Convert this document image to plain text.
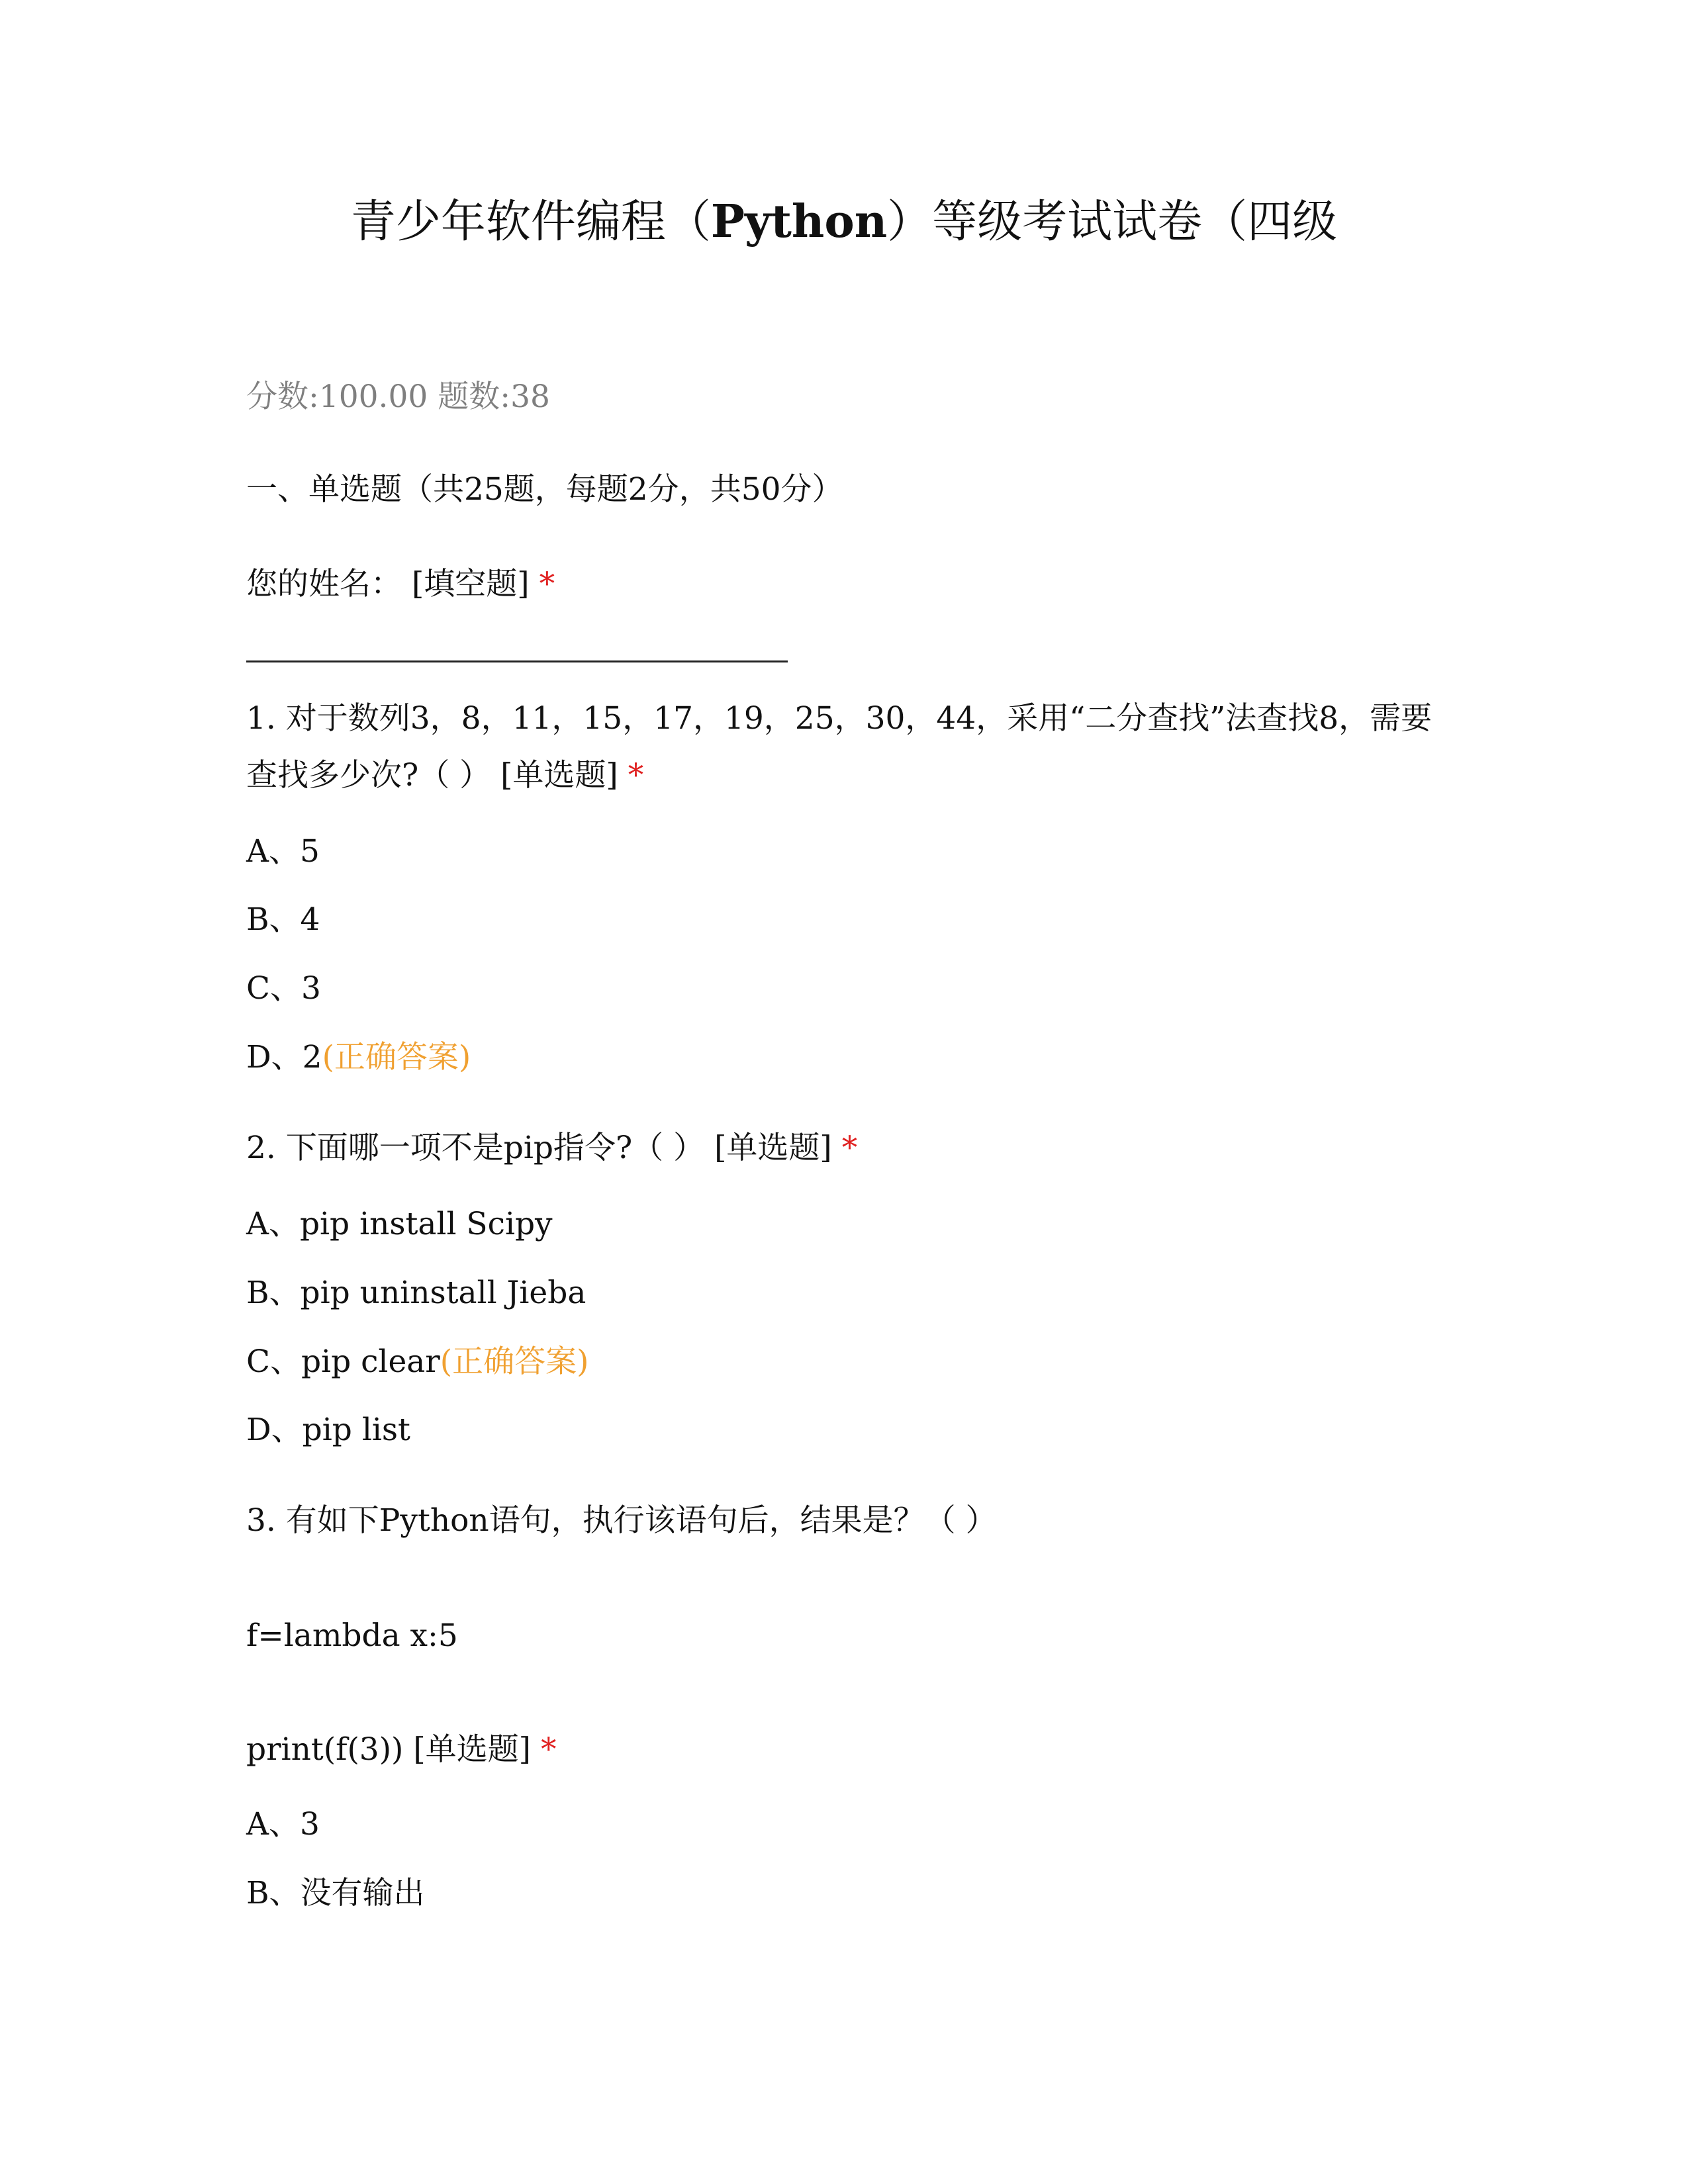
青少年软件编程（Python）等级考试试卷（四级
分数:100.00 题数:38
一、单选题（共25题，每题2分，共50分）
您的姓名： [填空题] *
1. 对于数列3，8，11，15，17，19，25，30，44，采用“二分查找”法查找8，需要查找多少次?（ ） [单选题] *
A、5
B、4
C、3
D、2(正确答案)
2. 下面哪一项不是pip指令?（ ） [单选题] *
A、pip install Scipy
B、pip uninstall Jieba
C、pip clear(正确答案)
D、pip list
3. 有如下Python语句，执行该语句后，结果是？（ ）
f=lambda x:5
print(f(3)) [单选题] *
A、3
B、没有输出
